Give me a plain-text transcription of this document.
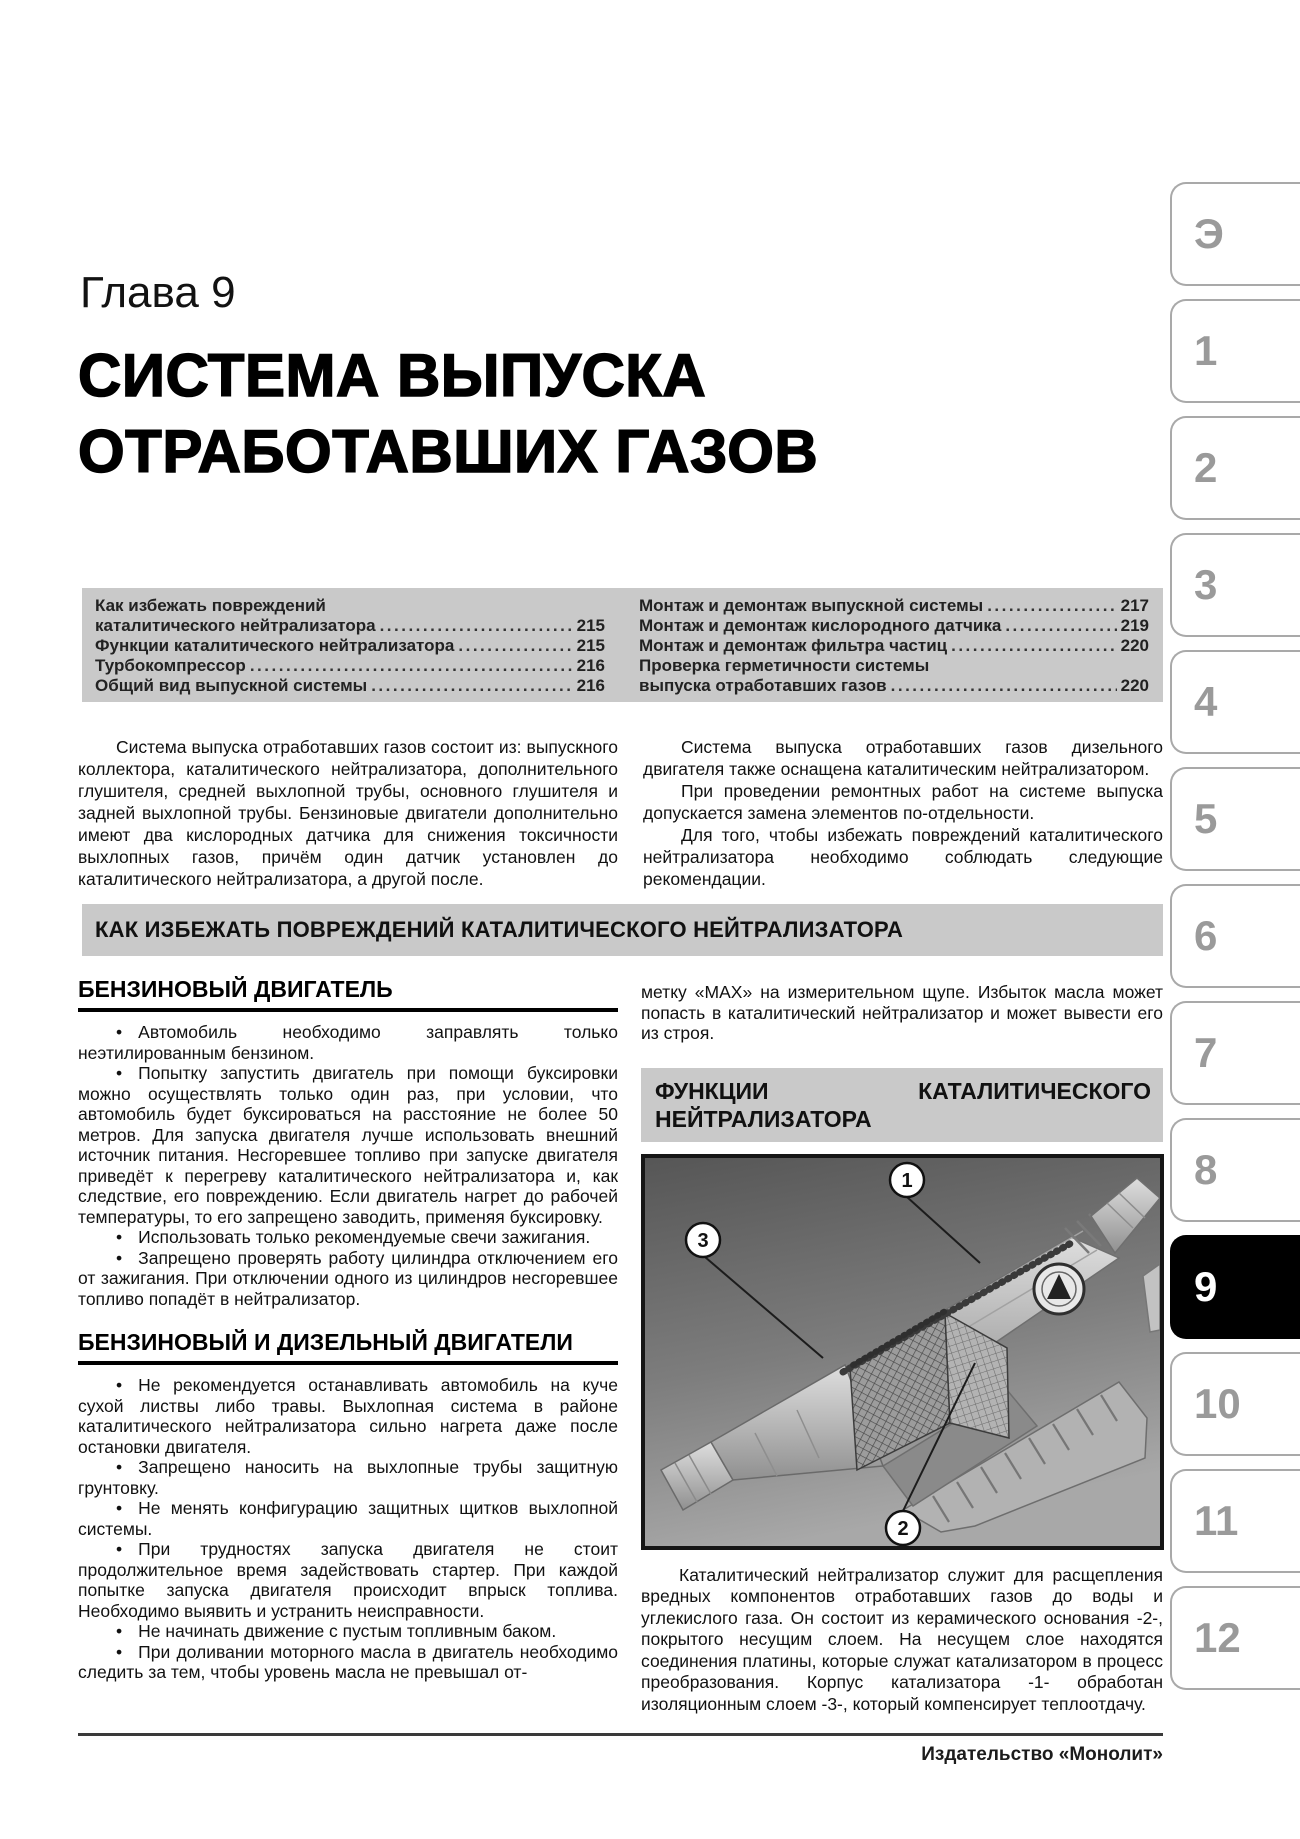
Глава 9
СИСТЕМА ВЫПУСКА
ОТРАБОТАВШИХ ГАЗОВ
Как избежать повреждений
каталитического нейтрализатора .....	215
Функции каталитического нейтрализатора .....	215
Турбокомпрессор .....	216
Общий вид выпускной системы .....	216
Монтаж и демонтаж выпускной системы .....	217
Монтаж и демонтаж кислородного датчика .....	219
Монтаж и демонтаж фильтра частиц .....	220
Проверка герметичности системы
выпуска отработавших газов .....	220

Система выпуска отработавших газов состоит из: выпускного коллектора, каталитического нейтрализатора, дополнительного глушителя, средней выхлопной трубы, основного глушителя и задней выхлопной трубы. Бензиновые двигатели дополнительно имеют два кислородных датчика для снижения токсичности выхлопных газов, причём один датчик установлен до каталитического нейтрализатора, а другой после.

Система выпуска отработавших газов дизельного двигателя также оснащена каталитическим нейтрализатором.

При проведении ремонтных работ на системе выпуска допускается замена элементов по-отдельности.

Для того, чтобы избежать повреждений каталитического нейтрализатора необходимо соблюдать следующие рекомендации.

КАК ИЗБЕЖАТЬ ПОВРЕЖДЕНИЙ КАТАЛИТИЧЕСКОГО НЕЙТРАЛИЗАТОРА
БЕНЗИНОВЫЙ ДВИГАТЕЛЬ

• Автомобиль необходимо заправлять только неэтилированным бензином.

• Попытку запустить двигатель при помощи буксировки можно осуществлять только один раз, при условии, что автомобиль будет буксироваться на расстояние не более 50 метров. Для запуска двигателя лучше использовать внешний источник питания. Несгоревшее топливо при запуске двигателя приведёт к перегреву каталитического нейтрализатора и, как следствие, его повреждению. Если двигатель нагрет до рабочей температуры, то его запрещено заводить, применяя буксировку.

• Использовать только рекомендуемые свечи зажигания.

• Запрещено проверять работу цилиндра отключением его от зажигания. При отключении одного из цилиндров несгоревшее топливо попадёт в нейтрализатор.

БЕНЗИНОВЫЙ И ДИЗЕЛЬНЫЙ ДВИГАТЕЛИ

• Не рекомендуется останавливать автомобиль на куче сухой листвы либо травы. Выхлопная система в районе каталитического нейтрализатора сильно нагрета даже после остановки двигателя.

• Запрещено наносить на выхлопные трубы защитную грунтовку.

• Не менять конфигурацию защитных щитков выхлопной системы.

• При трудностях запуска двигателя не стоит продолжительное время задействовать стартер. При каждой попытке запуска двигателя происходит впрыск топлива. Необходимо выявить и устранить неисправности.

• Не начинать движение с пустым топливным баком.

• При доливании моторного масла в двигатель необходимо следить за тем, чтобы уровень масла не превышал от-

метку «MAX» на измерительном щупе. Избыток масла может попасть в каталитический нейтрализатор и может вывести его из строя.

ФУНКЦИИ КАТАЛИТИЧЕСКОГО НЕЙТРАЛИЗАТОРА
1
3
2

Каталитический нейтрализатор служит для расщепления вредных компонентов отработавших газов до воды и углекислого газа. Он состоит из керамического основания -2-, покрытого несущим слоем. На несущем слое находятся соединения платины, которые служат катализатором в процесс преобразования. Корпус катализатора -1- обработан изоляционным слоем -3-, который компенсирует теплоотдачу.

Издательство «Монолит»
Э
1
2
3
4
5
6
7
8
9
10
11
12
